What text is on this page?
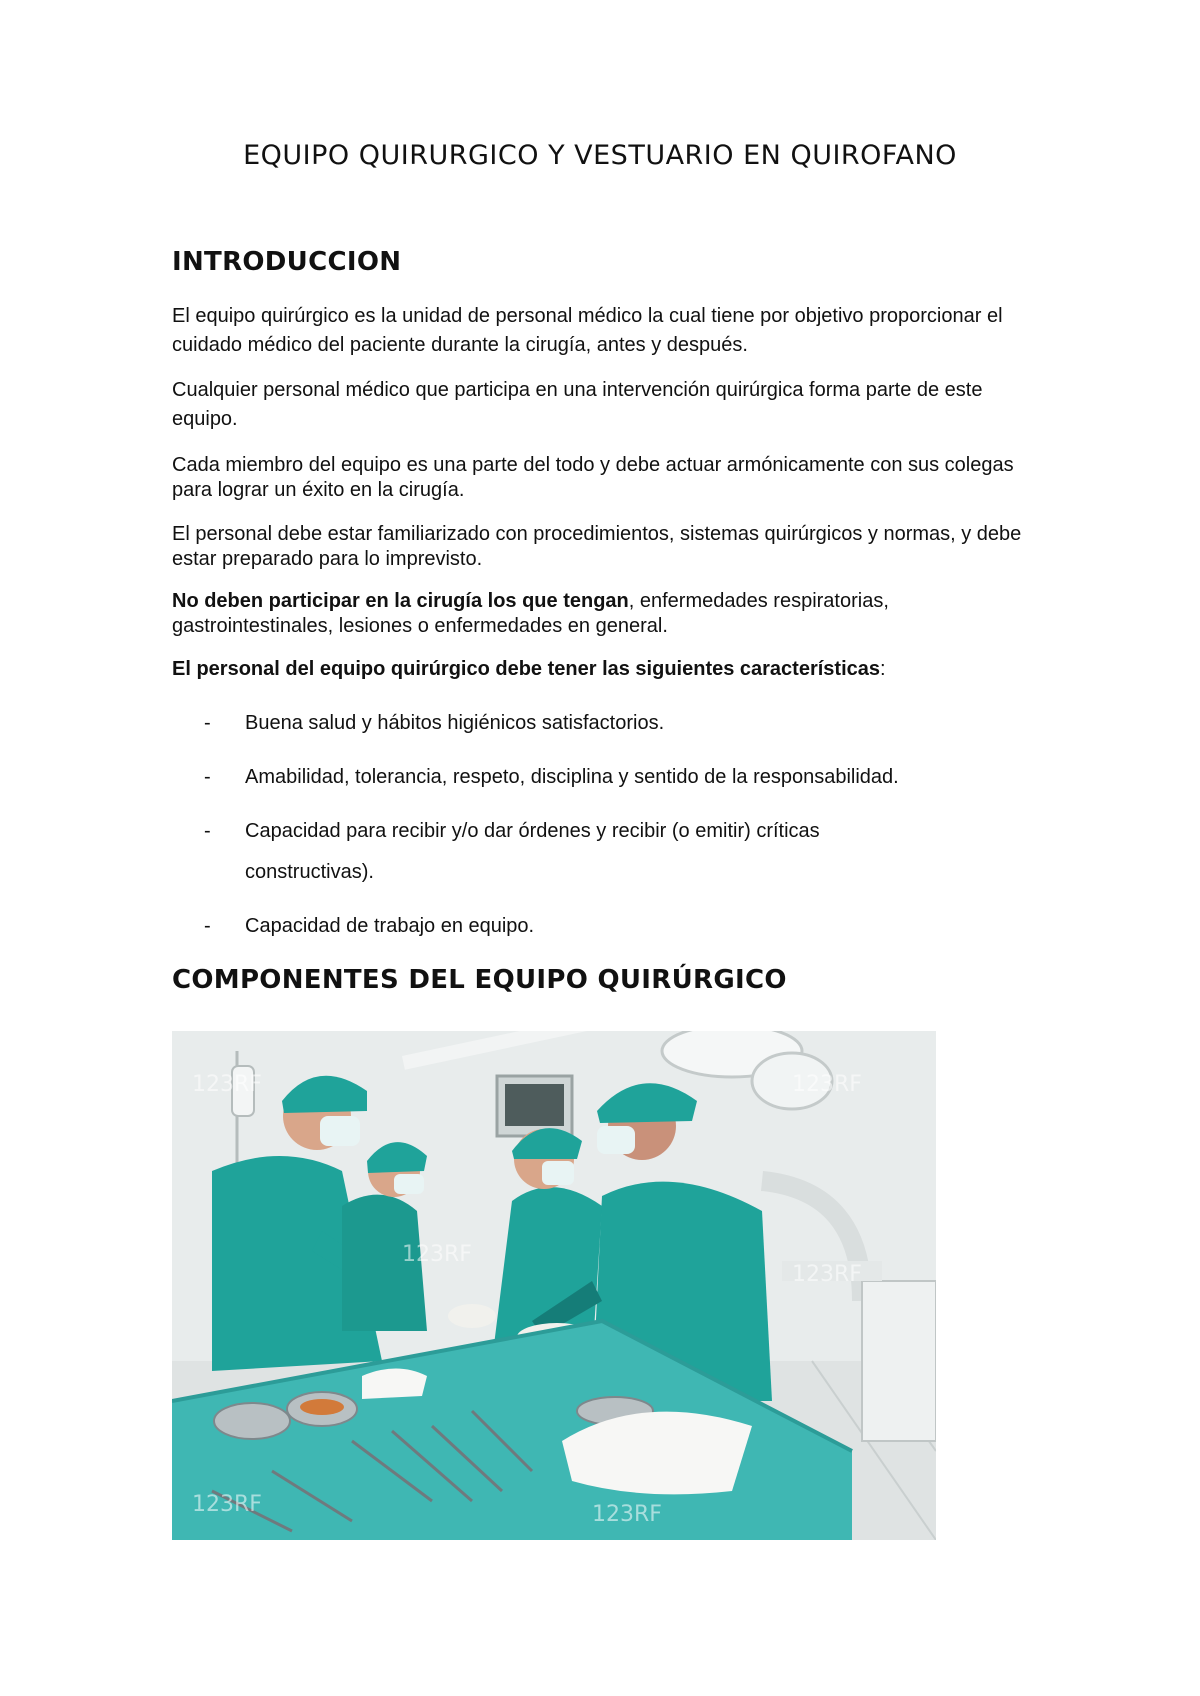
EQUIPO QUIRURGICO Y VESTUARIO EN QUIROFANO
INTRODUCCION

El equipo quirúrgico es la unidad de personal médico la cual tiene por objetivo proporcionar el cuidado médico del paciente durante la cirugía, antes y después.

Cualquier personal médico que participa en una intervención quirúrgica forma parte de este equipo.

Cada miembro del equipo es una parte del todo y debe actuar armónicamente con sus colegas para lograr un éxito en la cirugía.

El personal debe estar familiarizado con procedimientos, sistemas quirúrgicos y normas, y debe estar preparado para lo imprevisto.

No deben participar en la cirugía los que tengan, enfermedades respiratorias, gastrointestinales, lesiones o enfermedades en general.

El personal del equipo quirúrgico debe tener las siguientes características:

- Buena salud y hábitos higiénicos satisfactorios.
- Amabilidad, tolerancia, respeto, disciplina y sentido de la responsabilidad.
- Capacidad para recibir y/o dar órdenes y recibir (o emitir) críticas constructivas).
- Capacidad de trabajo en equipo.
COMPONENTES DEL EQUIPO QUIRÚRGICO
123RF
123RF
123RF
123RF
123RF	123RF
